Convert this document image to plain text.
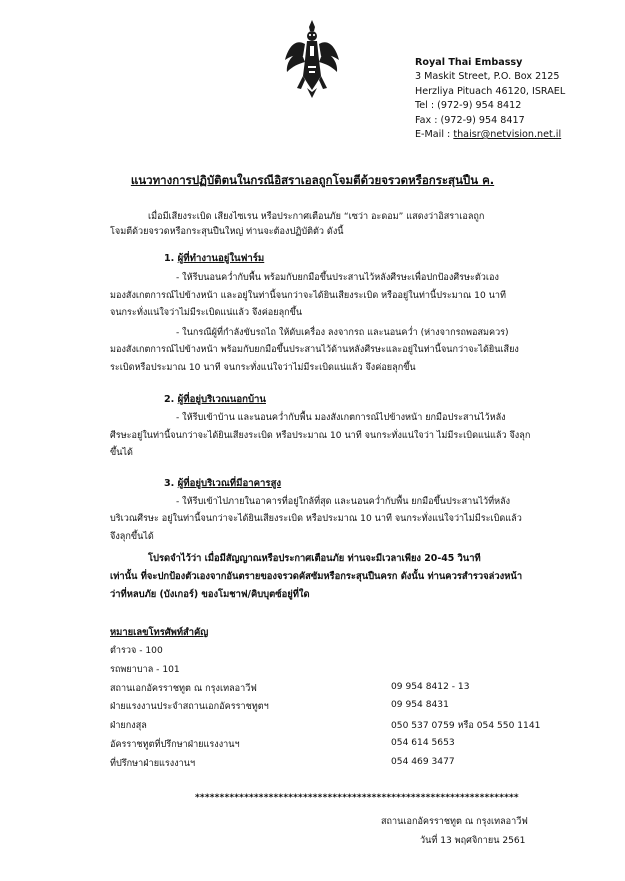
Royal Thai Embassy
3 Maskit Street, P.O. Box 2125
Herzliya Pituach 46120, ISRAEL
Tel : (972-9) 954 8412
Fax : (972-9) 954 8417
E-Mail : thaisr@netvision.net.il
แนวทางการปฏิบัติตนในกรณีอิสราเอลถูกโจมตีด้วยจรวดหรือกระสุนปืน ค.
เมื่อมีเสียงระเบิด เสียงไซเรน หรือประกาศเตือนภัย “เซว่า อะดอม” แสดงว่าอิสราเอลถูก
โจมตีด้วยจรวดหรือกระสุนปืนใหญ่ ท่านจะต้องปฏิบัติตัว ดังนี้
1. ผู้ที่ทำงานอยู่ในฟาร์ม
- ให้รีบนอนคว่ำกับพื้น พร้อมกับยกมือขึ้นประสานไว้หลังศีรษะเพื่อปกป้องศีรษะตัวเอง
มองสังเกตการณ์ไปข้างหน้า และอยู่ในท่านี้จนกว่าจะได้ยินเสียงระเบิด หรืออยู่ในท่านี้ประมาณ 10 นาที
จนกระทั่งแน่ใจว่าไม่มีระเบิดแน่แล้ว จึงค่อยลุกขึ้น
- ในกรณีผู้ที่กำลังขับรถไถ ให้ดับเครื่อง ลงจากรถ และนอนคว่ำ (ห่างจากรถพอสมควร)
มองสังเกตการณ์ไปข้างหน้า พร้อมกับยกมือขึ้นประสานไว้ด้านหลังศีรษะและอยู่ในท่านี้จนกว่าจะได้ยินเสียง
ระเบิดหรือประมาณ 10 นาที จนกระทั่งแน่ใจว่าไม่มีระเบิดแน่แล้ว จึงค่อยลุกขึ้น
2. ผู้ที่อยู่บริเวณนอกบ้าน
- ให้รีบเข้าบ้าน และนอนคว่ำกับพื้น มองสังเกตการณ์ไปข้างหน้า ยกมือประสานไว้หลัง
ศีรษะอยู่ในท่านี้จนกว่าจะได้ยินเสียงระเบิด หรือประมาณ 10 นาที จนกระทั่งแน่ใจว่า ไม่มีระเบิดแน่แล้ว จึงลุก
ขึ้นได้
3. ผู้ที่อยู่บริเวณที่มีอาคารสูง
- ให้รีบเข้าไปภายในอาคารที่อยู่ใกล้ที่สุด และนอนคว่ำกับพื้น ยกมือขึ้นประสานไว้ที่หลัง
บริเวณศีรษะ อยู่ในท่านี้จนกว่าจะได้ยินเสียงระเบิด หรือประมาณ 10 นาที จนกระทั่งแน่ใจว่าไม่มีระเบิดแล้ว
จึงลุกขึ้นได้
โปรดจำไว้ว่า เมื่อมีสัญญาณหรือประกาศเตือนภัย ท่านจะมีเวลาเพียง 20-45 วินาที
เท่านั้น ที่จะปกป้องตัวเองจากอันตรายของจรวดคัสซัมหรือกระสุนปืนครก ดังนั้น ท่านควรสำรวจล่วงหน้า
ว่าที่หลบภัย (บังเกอร์) ของโมชาฟ/คิบบุตซ์อยู่ที่ใด
หมายเลขโทรศัพท์สำคัญ
ตำรวจ - 100
รถพยาบาล - 101
สถานเอกอัครราชทูต ณ กรุงเทลอาวีฟ	09 954 8412 - 13
ฝ่ายแรงงานประจำสถานเอกอัครราชทูตฯ	09 954 8431
ฝ่ายกงสุล	050 537 0759 หรือ 054 550 1141
อัครราชทูตที่ปรึกษาฝ่ายแรงงานฯ	054 614 5653
ที่ปรึกษาฝ่ายแรงงานฯ	054 469 3477
******************************************************************
สถานเอกอัครราชทูต ณ กรุงเทลอาวีฟ
วันที่ 13 พฤศจิกายน 2561
